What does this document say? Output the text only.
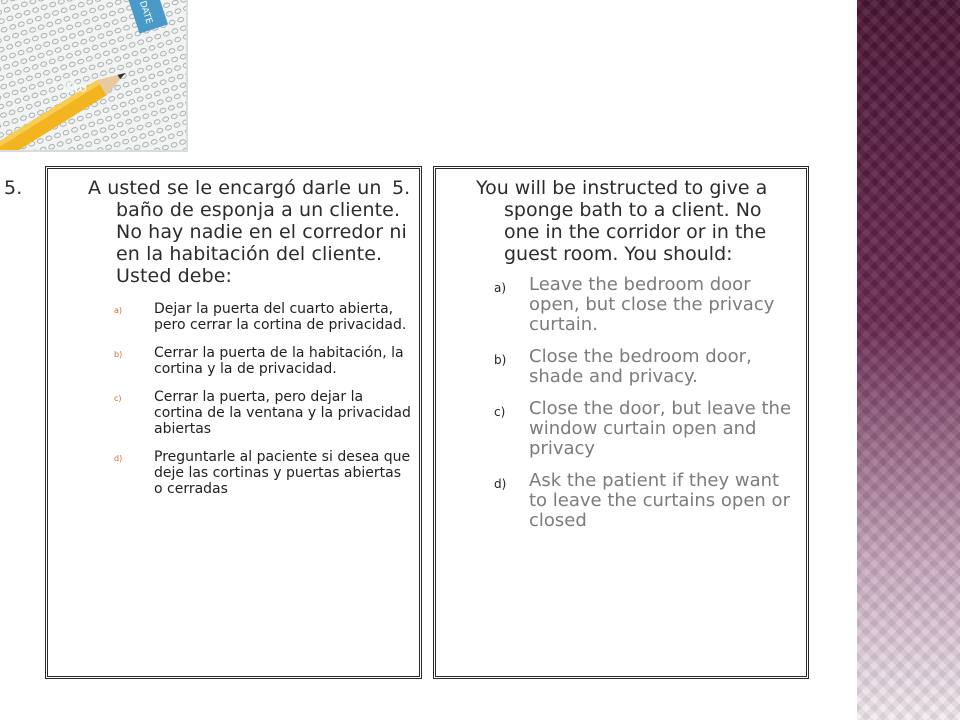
DATE
iSto

5.	A usted se le encargó darle un baño de esponja a un cliente. No hay nadie en el corredor ni en la habitación del cliente. Usted debe:

a) Dejar la puerta del cuarto abierta, pero cerrar la cortina de privacidad.
b) Cerrar la puerta de la habitación, la cortina y la de privacidad.
c) Cerrar la puerta, pero dejar la cortina de la ventana y la privacidad abiertas
d) Preguntarle al paciente si desea que deje las cortinas y puertas abiertas o cerradas

5.	You will be instructed to give a sponge bath to a client. No one in the corridor or in the guest room. You should:

a) Leave the bedroom door open, but close the privacy curtain.
b) Close the bedroom door, shade and privacy.
c) Close the door, but leave the window curtain open and privacy
d) Ask the patient if they want to leave the curtains open or closed
